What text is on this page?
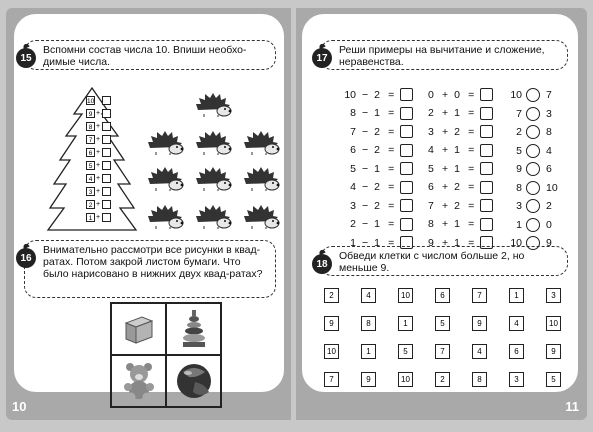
Вспомни состав числа 10. Впиши необхо-димые числа.
15
Внимательно рассмотри все рисунки в квад-ратах. Потом закрой листом бумаги. Что было нарисовано в нижних двух квад-ратах?
16
10
9 +
8 +
7 +
6 +
5 +
4 +
3 +
2 +
1 +
10
Реши примеры на вычитание и сложение, неравенства.
17
Обведи клетки с числом больше 2, но меньше 9.
18
10 − 2 =	0 + 0 =	10 7
8 − 1 =	2 + 1 =	7 3
7 − 2 =	3 + 2 =	2 8
6 − 2 =	4 + 1 =	5 4
5 − 1 =	5 + 1 =	9 6
4 − 2 =	6 + 2 =	8 10
3 − 2 =	7 + 2 =	3 2
2 − 1 =	8 + 1 =	1 0
1 − 1 =	9 + 1 =	10 9
2	4	10	6	7	1	3
9	8	1	5	9	4	10
10	1	5	7	4	6	9
7	9	10	2	8	3	5
11
